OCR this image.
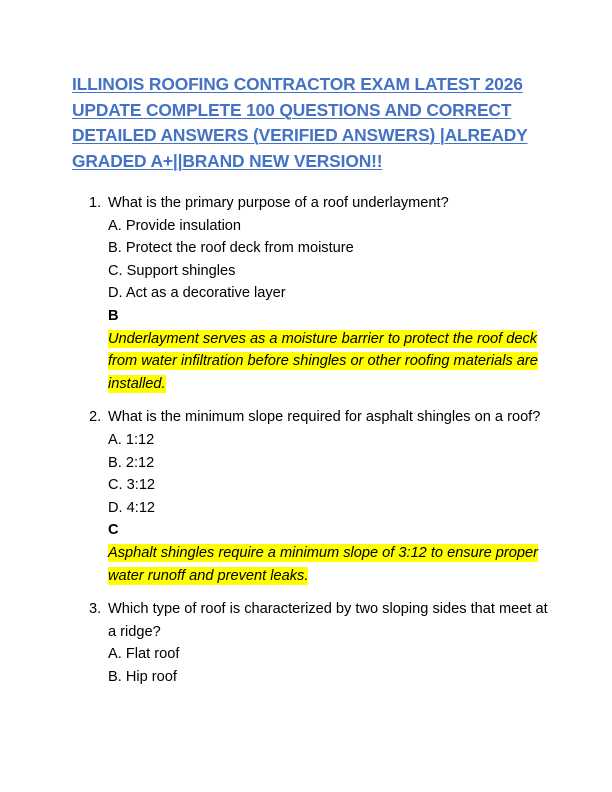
ILLINOIS ROOFING CONTRACTOR EXAM LATEST 2026 UPDATE COMPLETE 100 QUESTIONS AND CORRECT DETAILED ANSWERS (VERIFIED ANSWERS) |ALREADY GRADED A+||BRAND NEW VERSION!!
1. What is the primary purpose of a roof underlayment?
A. Provide insulation
B. Protect the roof deck from moisture
C. Support shingles
D. Act as a decorative layer
B
Underlayment serves as a moisture barrier to protect the roof deck from water infiltration before shingles or other roofing materials are installed.
2. What is the minimum slope required for asphalt shingles on a roof?
A. 1:12
B. 2:12
C. 3:12
D. 4:12
C
Asphalt shingles require a minimum slope of 3:12 to ensure proper water runoff and prevent leaks.
3. Which type of roof is characterized by two sloping sides that meet at a ridge?
A. Flat roof
B. Hip roof
